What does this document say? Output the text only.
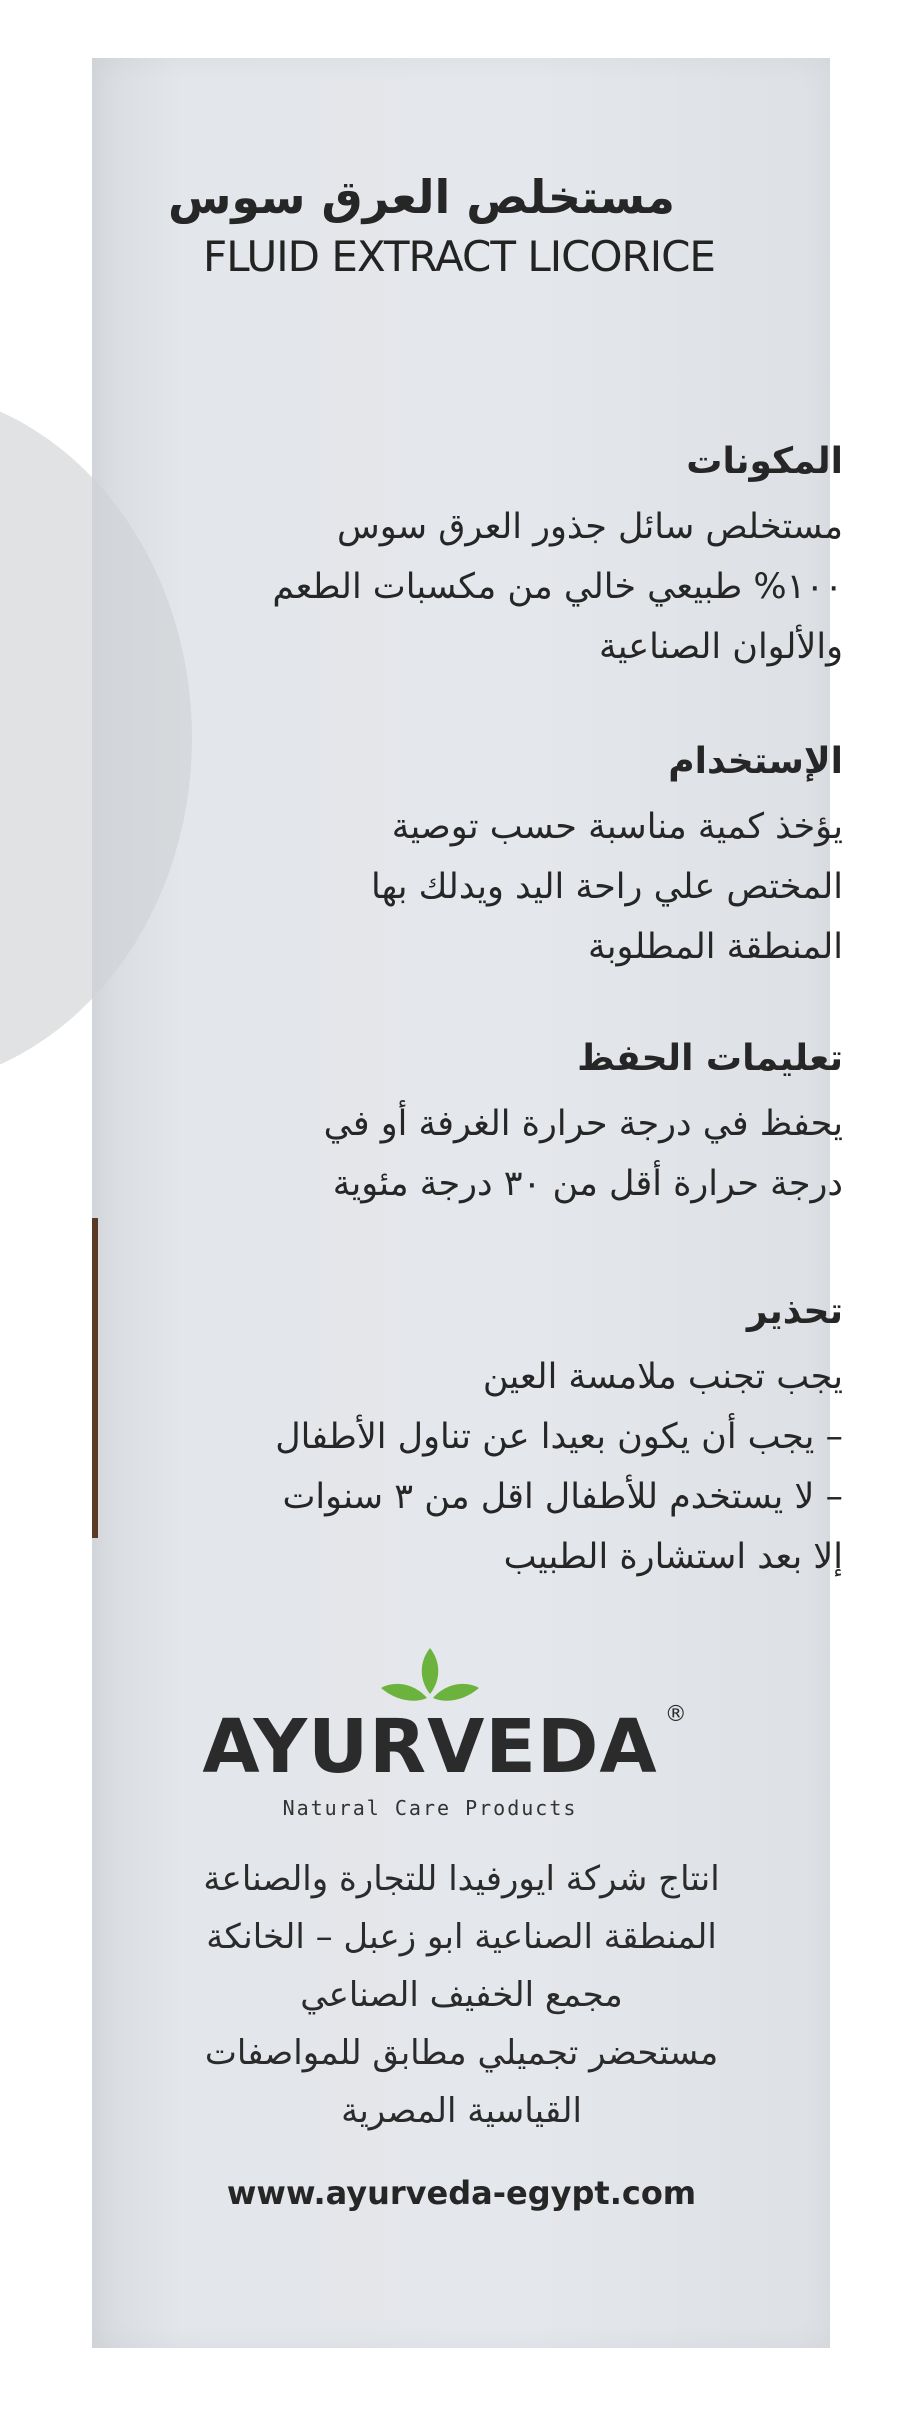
مستخلص العرق سوس
FLUID EXTRACT LICORICE
المكونات
مستخلص سائل جذور العرق سوس
١٠٠% طبيعي خالي من مكسبات الطعم
والألوان الصناعية
الإستخدام
يؤخذ كمية مناسبة حسب توصية
المختص علي راحة اليد ويدلك بها
المنطقة المطلوبة
تعليمات الحفظ
يحفظ في درجة حرارة الغرفة أو في
درجة حرارة أقل من ٣٠ درجة مئوية
تحذير
يجب تجنب ملامسة العين
– يجب أن يكون بعيدا عن تناول الأطفال
– لا يستخدم للأطفال اقل من ٣ سنوات
إلا بعد استشارة الطبيب
AYURVEDA ®
Natural Care Products
انتاج شركة ايورفيدا للتجارة والصناعة
المنطقة الصناعية ابو زعبل – الخانكة
مجمع الخفيف الصناعي
مستحضر تجميلي مطابق للمواصفات
القياسية المصرية
www.ayurveda-egypt.com
